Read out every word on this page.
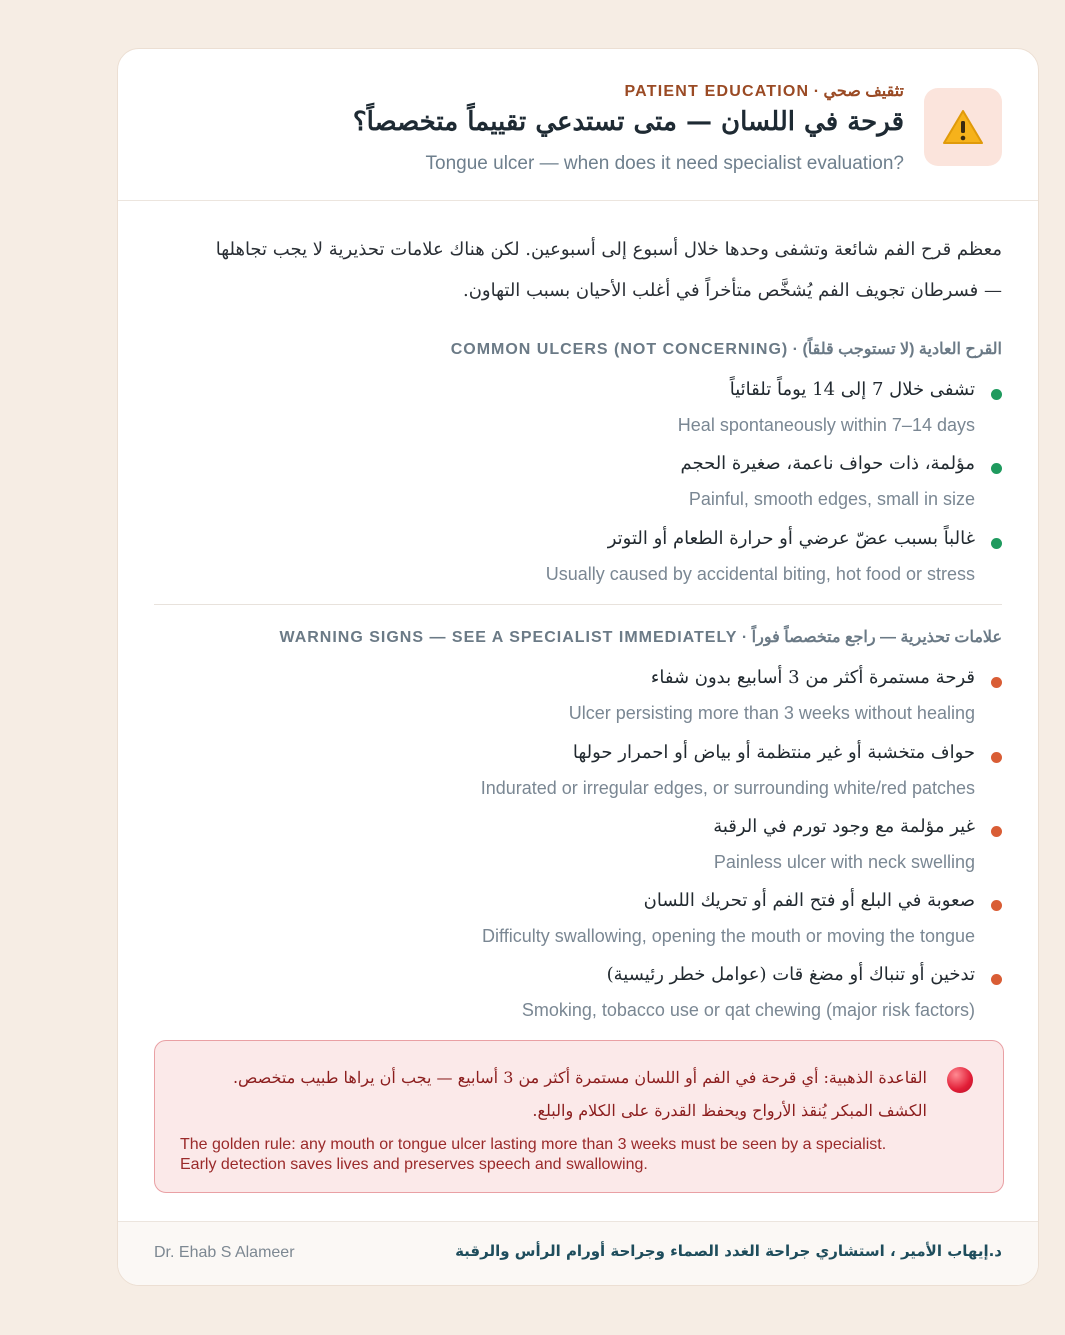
تثقيف صحي · PATIENT EDUCATION
قرحة في اللسان — متى تستدعي تقييماً متخصصاً؟
Tongue ulcer — when does it need specialist evaluation?
معظم قرح الفم شائعة وتشفى وحدها خلال أسبوع إلى أسبوعين. لكن هناك علامات تحذيرية لا يجب تجاهلها
— فسرطان تجويف الفم يُشخَّص متأخراً في أغلب الأحيان بسبب التهاون.
القرح العادية (لا تستوجب قلقاً) · COMMON ULCERS (NOT CONCERNING)
تشفى خلال 7 إلى 14 يوماً تلقائياً
Heal spontaneously within 7–14 days
مؤلمة، ذات حواف ناعمة، صغيرة الحجم
Painful, smooth edges, small in size
غالباً بسبب عضّ عرضي أو حرارة الطعام أو التوتر
Usually caused by accidental biting, hot food or stress
علامات تحذيرية — راجع متخصصاً فوراً · WARNING SIGNS — SEE A SPECIALIST IMMEDIATELY
قرحة مستمرة أكثر من 3 أسابيع بدون شفاء
Ulcer persisting more than 3 weeks without healing
حواف متخشبة أو غير منتظمة أو بياض أو احمرار حولها
Indurated or irregular edges, or surrounding white/red patches
غير مؤلمة مع وجود تورم في الرقبة
Painless ulcer with neck swelling
صعوبة في البلع أو فتح الفم أو تحريك اللسان
Difficulty swallowing, opening the mouth or moving the tongue
تدخين أو تنباك أو مضغ قات (عوامل خطر رئيسية)
Smoking, tobacco use or qat chewing (major risk factors)
القاعدة الذهبية: أي قرحة في الفم أو اللسان مستمرة أكثر من 3 أسابيع — يجب أن يراها طبيب متخصص.
الكشف المبكر يُنقذ الأرواح ويحفظ القدرة على الكلام والبلع.
The golden rule: any mouth or tongue ulcer lasting more than 3 weeks must be seen by a specialist. Early detection saves lives and preserves speech and swallowing.
Dr. Ehab S Alameer	د.إيهاب الأمير ، استشاري جراحة الغدد الصماء وجراحة أورام الرأس والرقبة
